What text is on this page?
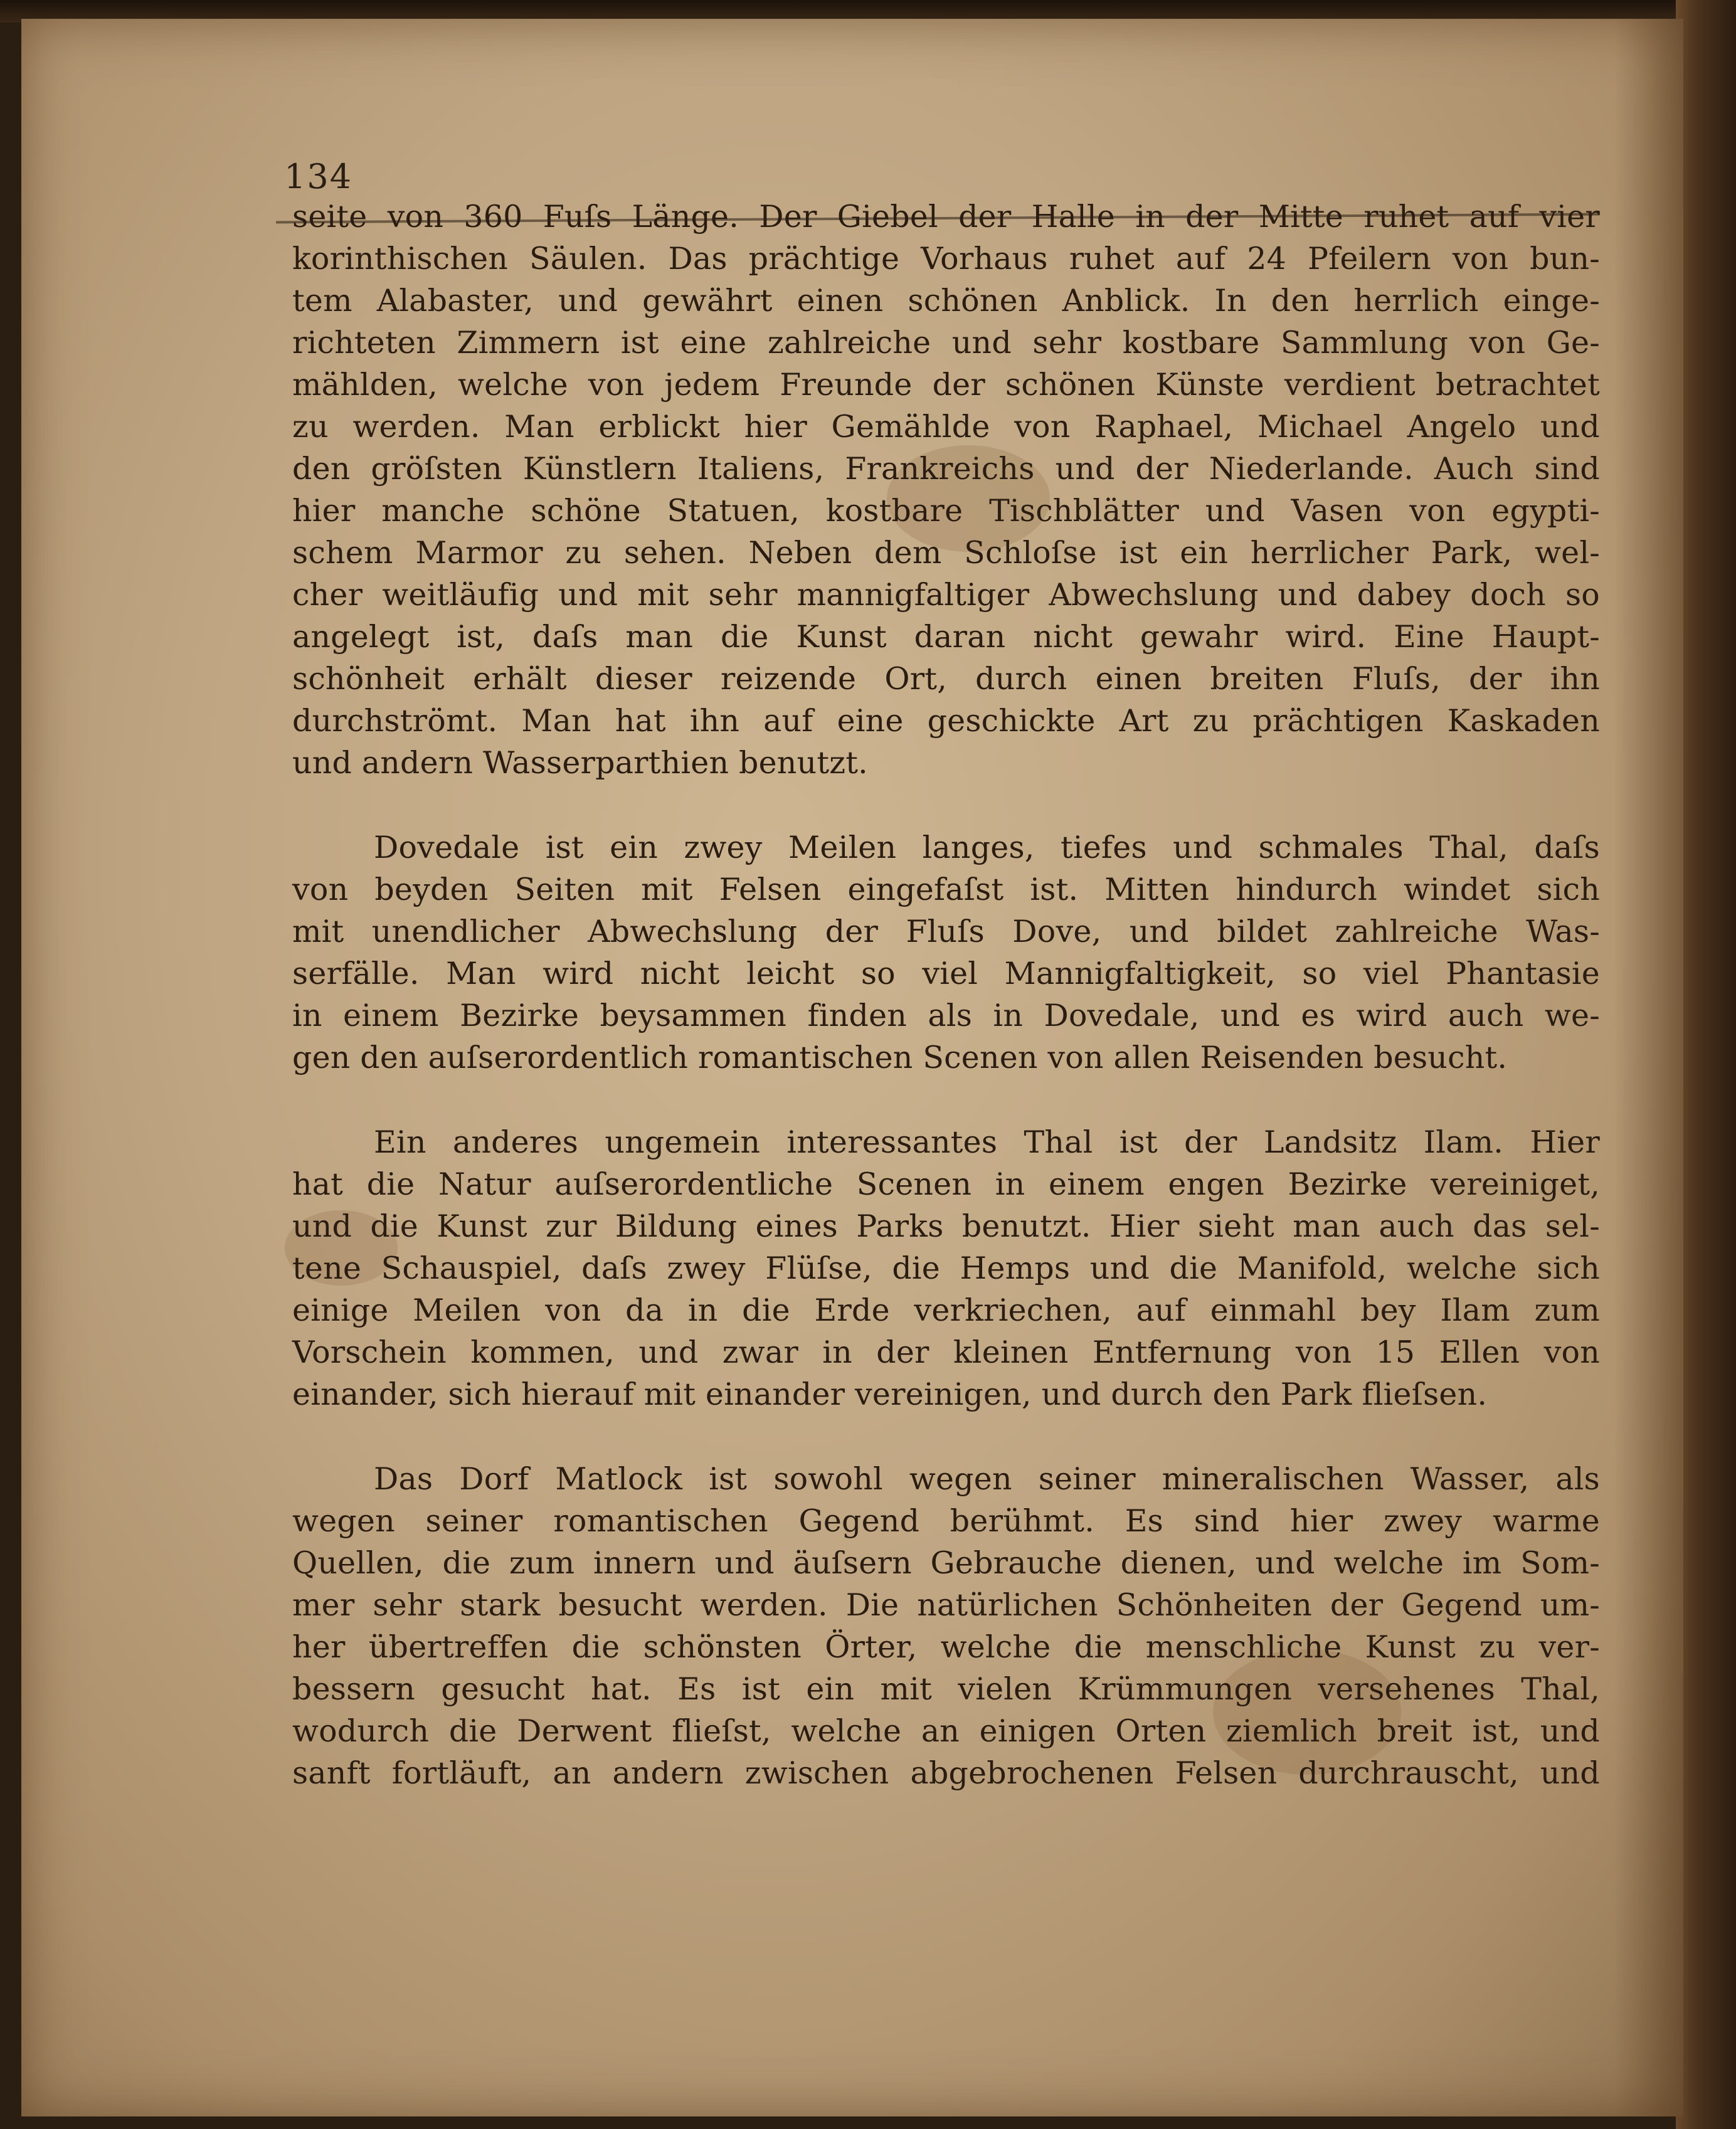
134
seite von 360 Fuſs Länge. Der Giebel der Halle in der Mitte ruhet auf vier
korinthischen Säulen. Das prächtige Vorhaus ruhet auf 24 Pfeilern von bun-
tem Alabaster, und gewährt einen schönen Anblick. In den herrlich einge-
richteten Zimmern ist eine zahlreiche und sehr kostbare Sammlung von Ge-
mählden, welche von jedem Freunde der schönen Künste verdient betrachtet
zu werden. Man erblickt hier Gemählde von Raphael, Michael Angelo und
den gröſsten Künstlern Italiens, Frankreichs und der Niederlande. Auch sind
hier manche schöne Statuen, kostbare Tischblätter und Vasen von egypti-
schem Marmor zu sehen. Neben dem Schloſse ist ein herrlicher Park, wel-
cher weitläufig und mit sehr mannigfaltiger Abwechslung und dabey doch so
angelegt ist, daſs man die Kunst daran nicht gewahr wird. Eine Haupt-
schönheit erhält dieser reizende Ort, durch einen breiten Fluſs, der ihn
durchströmt. Man hat ihn auf eine geschickte Art zu prächtigen Kaskaden
und andern Wasserparthien benutzt.
Dovedale ist ein zwey Meilen langes, tiefes und schmales Thal, daſs
von beyden Seiten mit Felsen eingefaſst ist. Mitten hindurch windet sich
mit unendlicher Abwechslung der Fluſs Dove, und bildet zahlreiche Was-
serfälle. Man wird nicht leicht so viel Mannigfaltigkeit, so viel Phantasie
in einem Bezirke beysammen finden als in Dovedale, und es wird auch we-
gen den auſserordentlich romantischen Scenen von allen Reisenden besucht.
Ein anderes ungemein interessantes Thal ist der Landsitz Ilam. Hier
hat die Natur auſserordentliche Scenen in einem engen Bezirke vereiniget,
und die Kunst zur Bildung eines Parks benutzt. Hier sieht man auch das sel-
tene Schauspiel, daſs zwey Flüſse, die Hemps und die Manifold, welche sich
einige Meilen von da in die Erde verkriechen, auf einmahl bey Ilam zum
Vorschein kommen, und zwar in der kleinen Entfernung von 15 Ellen von
einander, sich hierauf mit einander vereinigen, und durch den Park flieſsen.
Das Dorf Matlock ist sowohl wegen seiner mineralischen Wasser, als
wegen seiner romantischen Gegend berühmt. Es sind hier zwey warme
Quellen, die zum innern und äuſsern Gebrauche dienen, und welche im Som-
mer sehr stark besucht werden. Die natürlichen Schönheiten der Gegend um-
her übertreffen die schönsten Örter, welche die menschliche Kunst zu ver-
bessern gesucht hat. Es ist ein mit vielen Krümmungen versehenes Thal,
wodurch die Derwent flieſst, welche an einigen Orten ziemlich breit ist, und
sanft fortläuft, an andern zwischen abgebrochenen Felsen durchrauscht, und
